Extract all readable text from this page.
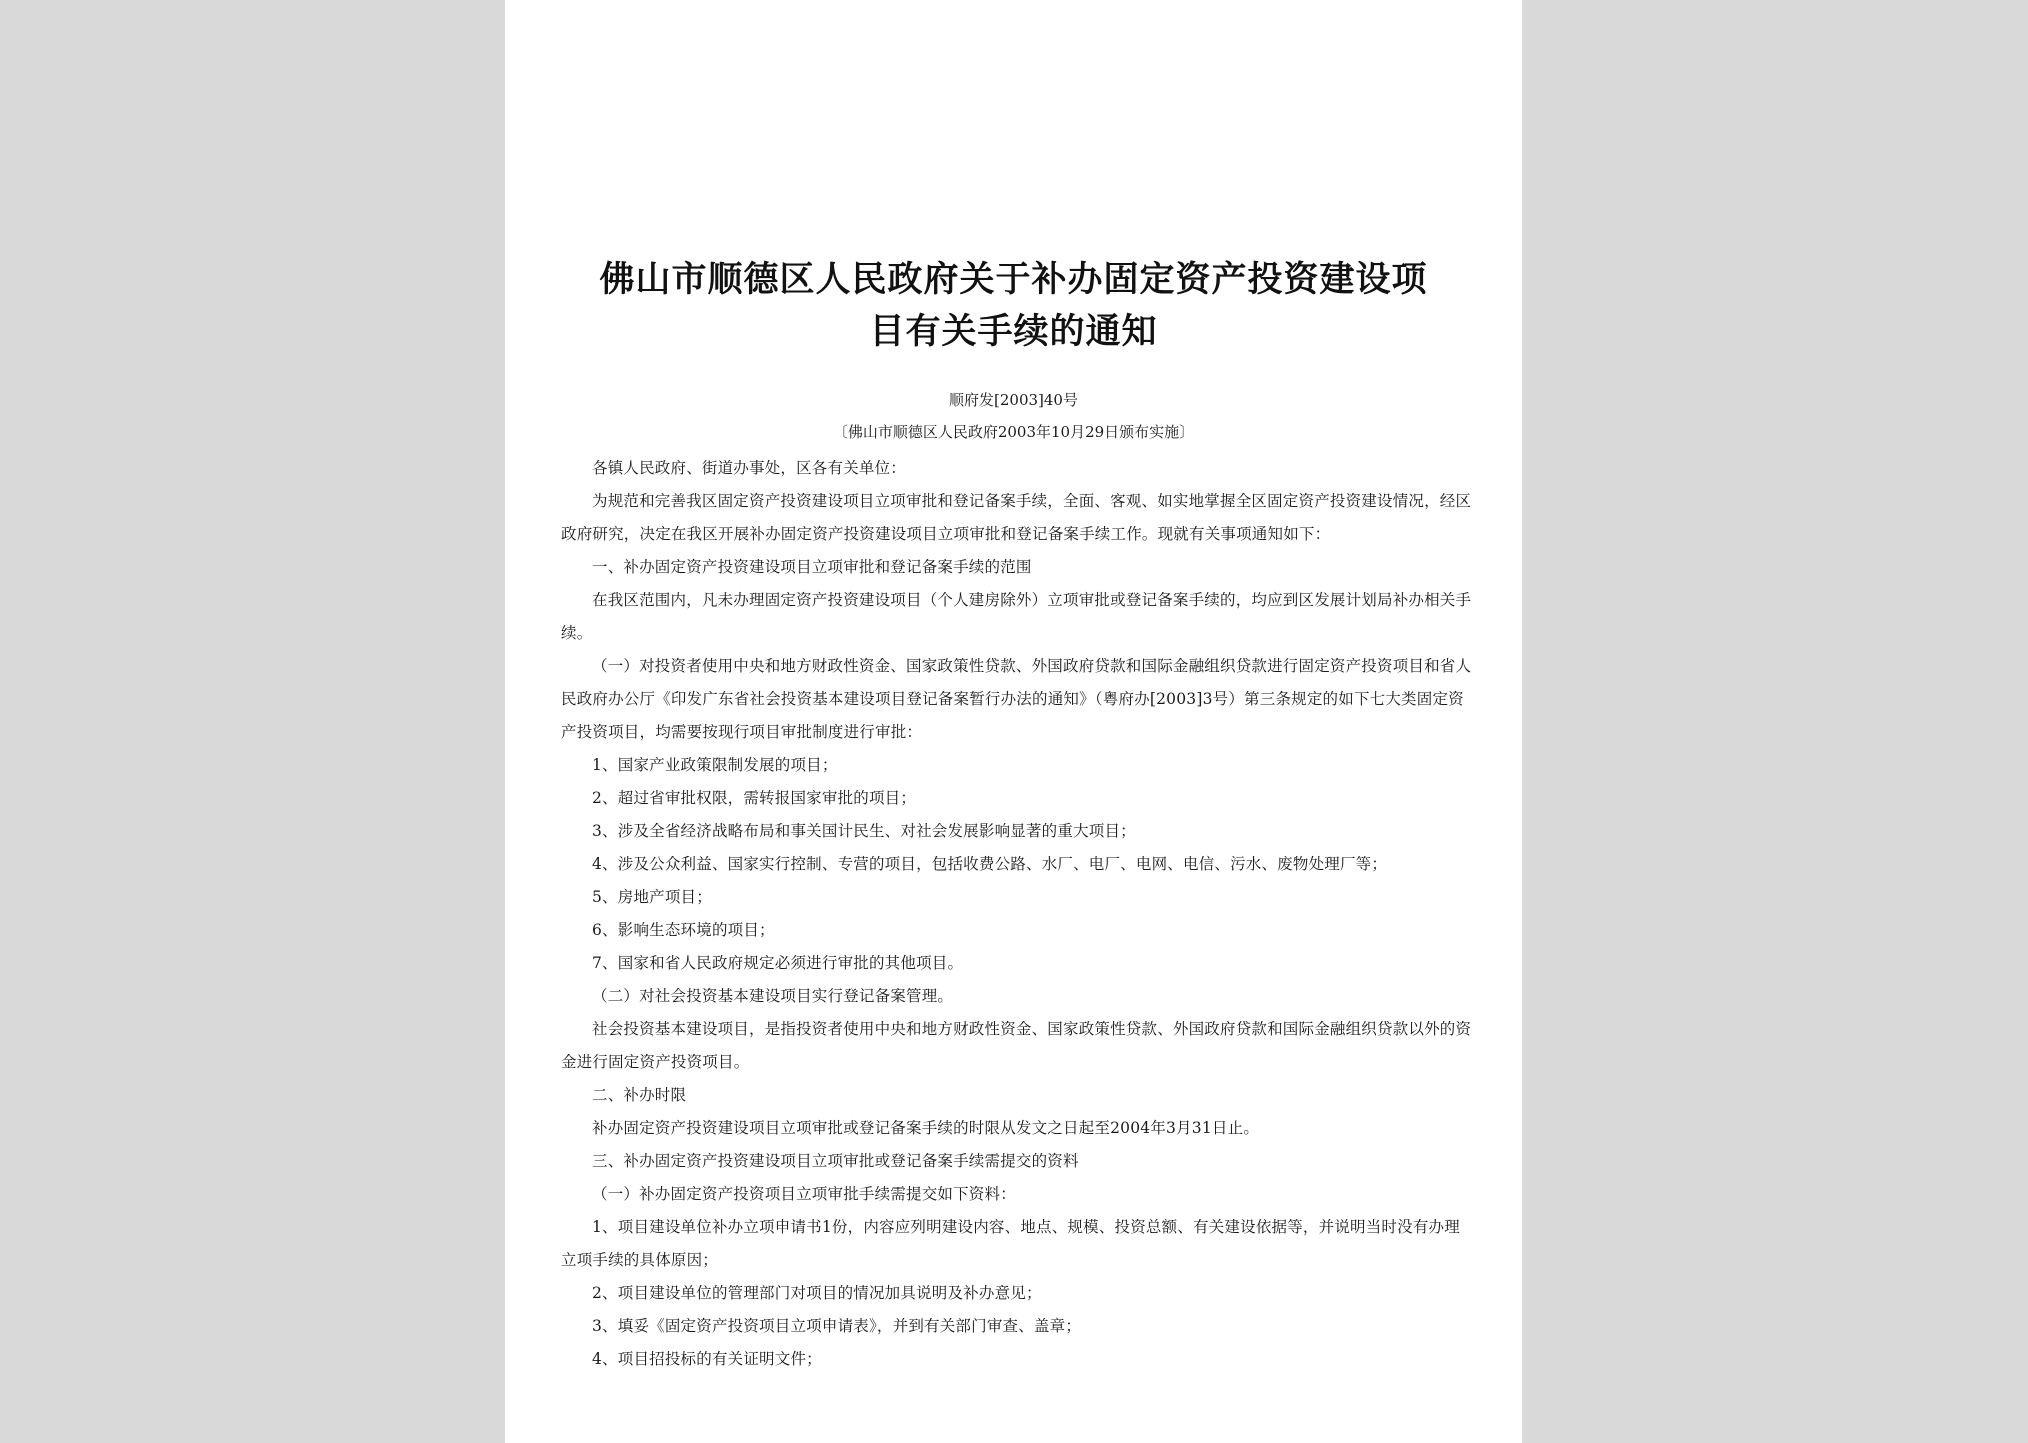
佛山市顺德区人民政府关于补办固定资产投资建设项
目有关手续的通知
顺府发[2003]40号
〔佛山市顺德区人民政府2003年10月29日颁布实施〕

各镇人民政府、街道办事处，区各有关单位：

为规范和完善我区固定资产投资建设项目立项审批和登记备案手续，全面、客观、如实地掌握全区固定资产投资建设情况，经区政府研究，决定在我区开展补办固定资产投资建设项目立项审批和登记备案手续工作。现就有关事项通知如下：

一、补办固定资产投资建设项目立项审批和登记备案手续的范围

在我区范围内，凡未办理固定资产投资建设项目（个人建房除外）立项审批或登记备案手续的，均应到区发展计划局补办相关手续。

（一）对投资者使用中央和地方财政性资金、国家政策性贷款、外国政府贷款和国际金融组织贷款进行固定资产投资项目和省人民政府办公厅《印发广东省社会投资基本建设项目登记备案暂行办法的通知》（粤府办[2003]3号）第三条规定的如下七大类固定资产投资项目，均需要按现行项目审批制度进行审批：

1、国家产业政策限制发展的项目；

2、超过省审批权限，需转报国家审批的项目；

3、涉及全省经济战略布局和事关国计民生、对社会发展影响显著的重大项目；

4、涉及公众利益、国家实行控制、专营的项目，包括收费公路、水厂、电厂、电网、电信、污水、废物处理厂等；

5、房地产项目；

6、影响生态环境的项目；

7、国家和省人民政府规定必须进行审批的其他项目。

（二）对社会投资基本建设项目实行登记备案管理。

社会投资基本建设项目，是指投资者使用中央和地方财政性资金、国家政策性贷款、外国政府贷款和国际金融组织贷款以外的资金进行固定资产投资项目。

二、补办时限

补办固定资产投资建设项目立项审批或登记备案手续的时限从发文之日起至2004年3月31日止。

三、补办固定资产投资建设项目立项审批或登记备案手续需提交的资料

（一）补办固定资产投资项目立项审批手续需提交如下资料：

1、项目建设单位补办立项申请书1份，内容应列明建设内容、地点、规模、投资总额、有关建设依据等，并说明当时没有办理立项手续的具体原因；

2、项目建设单位的管理部门对项目的情况加具说明及补办意见；

3、填妥《固定资产投资项目立项申请表》，并到有关部门审查、盖章；

4、项目招投标的有关证明文件；
